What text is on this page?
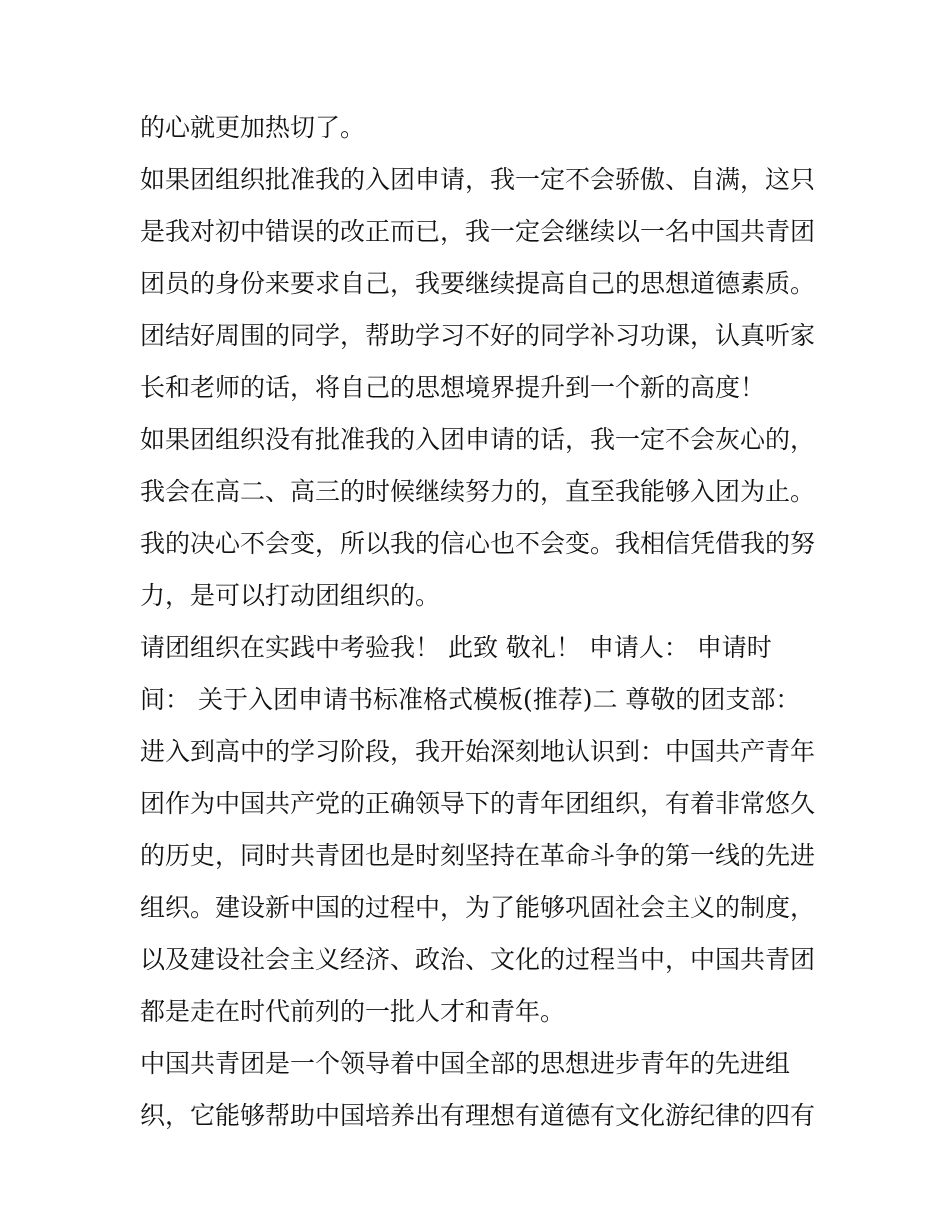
的心就更加热切了。
如果团组织批准我的入团申请，我一定不会骄傲、自满，这只
是我对初中错误的改正而已，我一定会继续以一名中国共青团
团员的身份来要求自己，我要继续提高自己的思想道德素质。
团结好周围的同学，帮助学习不好的同学补习功课，认真听家
长和老师的话，将自己的思想境界提升到一个新的高度！
如果团组织没有批准我的入团申请的话，我一定不会灰心的，
我会在高二、高三的时候继续努力的，直至我能够入团为止。
我的决心不会变，所以我的信心也不会变。我相信凭借我的努
力，是可以打动团组织的。
请团组织在实践中考验我！ 此致 敬礼！ 申请人： 申请时
间： 关于入团申请书标准格式模板(推荐)二 尊敬的团支部：
进入到高中的学习阶段，我开始深刻地认识到：中国共产青年
团作为中国共产党的正确领导下的青年团组织，有着非常悠久
的历史，同时共青团也是时刻坚持在革命斗争的第一线的先进
组织。建设新中国的过程中，为了能够巩固社会主义的制度，
以及建设社会主义经济、政治、文化的过程当中，中国共青团
都是走在时代前列的一批人才和青年。
中国共青团是一个领导着中国全部的思想进步青年的先进组
织，它能够帮助中国培养出有理想有道德有文化游纪律的四有
